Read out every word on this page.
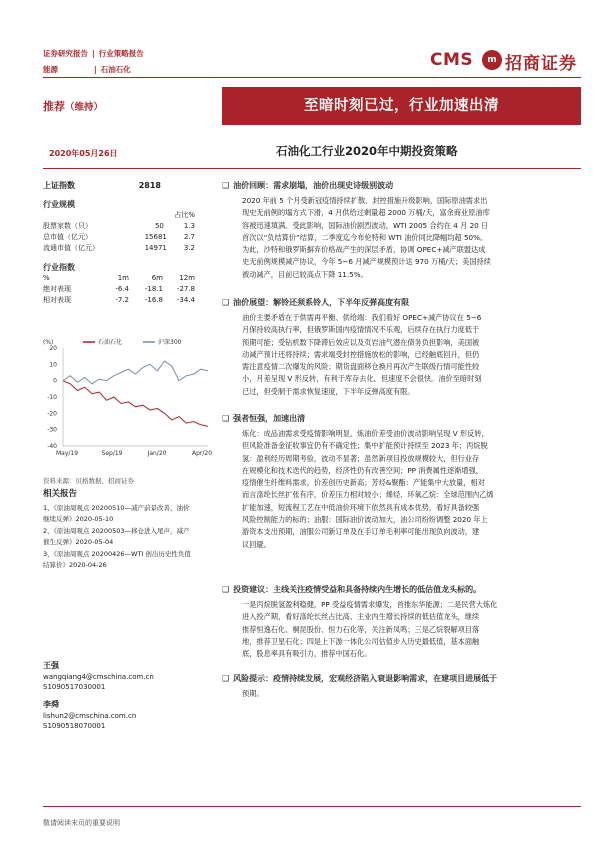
证券研究报告 | 行业策略报告
能源	| 石油石化	CMS	m 招商证券
推荐（维持）	至暗时刻已过，行业加速出清
2020年05月26日	石油化工行业2020年中期投资策略
上证指数	2818
行业规模
占比%
股票家数（只）	50	1.3
总市值（亿元）	15681 2.7
流通市值（亿元）	14971 3.2
行业指数
%	1m	6m	12m
绝对表现	-6.4	-18.1	-27.8
相对表现	-7.2	-16.8	-34.4
(%)
20
10
0
-10
-20
-30
-40
May/19	Sep/19	Jan/20	Apr/20
石油石化	沪深300
资料来源：贝格数据、招商证券
相关报告
1、《原油周观点 20200510—减产前景改善，油价继续反弹》2020-05-10
2、《原油周观点 20200503—移仓进入尾声，减产催生反弹》2020-05-04
3、《原油周观点 20200426—WTI 创出历史性负值结算价》2020-04-26
王强
wangqiang4@cmschina.com.cn
S1090517030001
李舜
lishun2@cmschina.com.cn
S1090518070001
❑ 油价回顾：需求崩塌，油价出现史诗级别波动
2020 年前 5 个月受新冠疫情持续扩散、封控措施升级影响，国际原油需求出
现史无前例的塌方式下滑，4 月供给过剩量超 2000 万桶/天，富余商业原油库
容被迅速填满。受此影响，国际油价剧烈波动，WTI 2005 合约在 4 月 20 日
首次以“负结算价”结算，二季度迄今布伦特和 WTI 油价同比降幅均超 50%。
为此，沙特和俄罗斯摒弃价格战产生的深层矛盾，协调 OPEC+减产联盟达成
史无前例规模减产协议，今年 5~6 月减产规模预计达 970 万桶/天；美国持续
被动减产，目前已较高点下降 11.5%。
❑ 油价展望：解铃还须系铃人，下半年反弹高度有限
油价主要矛盾在于供需再平衡、供给端：我们看好 OPEC+减产协议在 5~6
月保持较高执行率，但俄罗斯国内疫情情况不乐观，后续存在执行力度低于
预期可能；受钻机数下降滞后效应以及页岩油气潜在债务负担影响，美国被
动减产预计还将持续；需求端受封控措施放松的影响，已经触底回升，但仍
需注意疫情二次爆发的风险；期货盘面移仓换月再次产生联级行情可能性较
小，月差呈现 V 形反转，有利于库存去化，但速度不会很快。油价至暗时刻
已过，但受制于需求恢复速度，下半年反弹高度有限。
❑ 强者恒强，加速出清
炼化：成品油需求受疫情影响明显，炼油价差受油价波动影响呈现 V 形反转，
但风险准备金征收事宜仍有不确定性；集中扩能预计持续至 2023 年；丙烷脱
氢：盈利经历周期考验，波动不显著；虽然新项目投放规模较大，但行业存
在规模化和技术迭代的趋势，经济性仍有改善空间；PP 消费属性逐渐增强，
疫情催生纤维料需求，价差创历史新高；芳烃&聚酯：产能集中大放量，相对
而言涤纶长丝扩张有序，价差压力相对较小；烯烃、环氧乙烷：全球范围内乙烯
扩能加速，短流程工艺在中低油价环境下依然具有成本优势，看好具备较强
风险控制能力的标的；油服：国际油价波动加大，油公司纷纷调整 2020 年上
游资本支出预期，油服公司新订单及在手订单毛利率可能出现负向波动，建
议回避。
❑ 投资建议：主线关注疫情受益和具备持续内生增长的低估值龙头标的。
一是丙烷脱氢盈利稳健，PP 受益疫情需求爆发，首推东华能源；二是民营大炼化
进入投产期，看好涤纶长丝占比高、主业内生增长持续的低估值龙头，继续
推荐恒逸石化、桐昆股份、恒力石化等，关注新凤鸣；三是乙烷裂解项目落
地，推荐卫星石化；四是上下游一体化公司估值步入历史最低值，基本面触
底，股息率具有吸引力，推荐中国石化。
❑ 风险提示：疫情持续发展，宏观经济陷入衰退影响需求，在建项目进展低于
预期。
敬请阅读末页的重要说明
